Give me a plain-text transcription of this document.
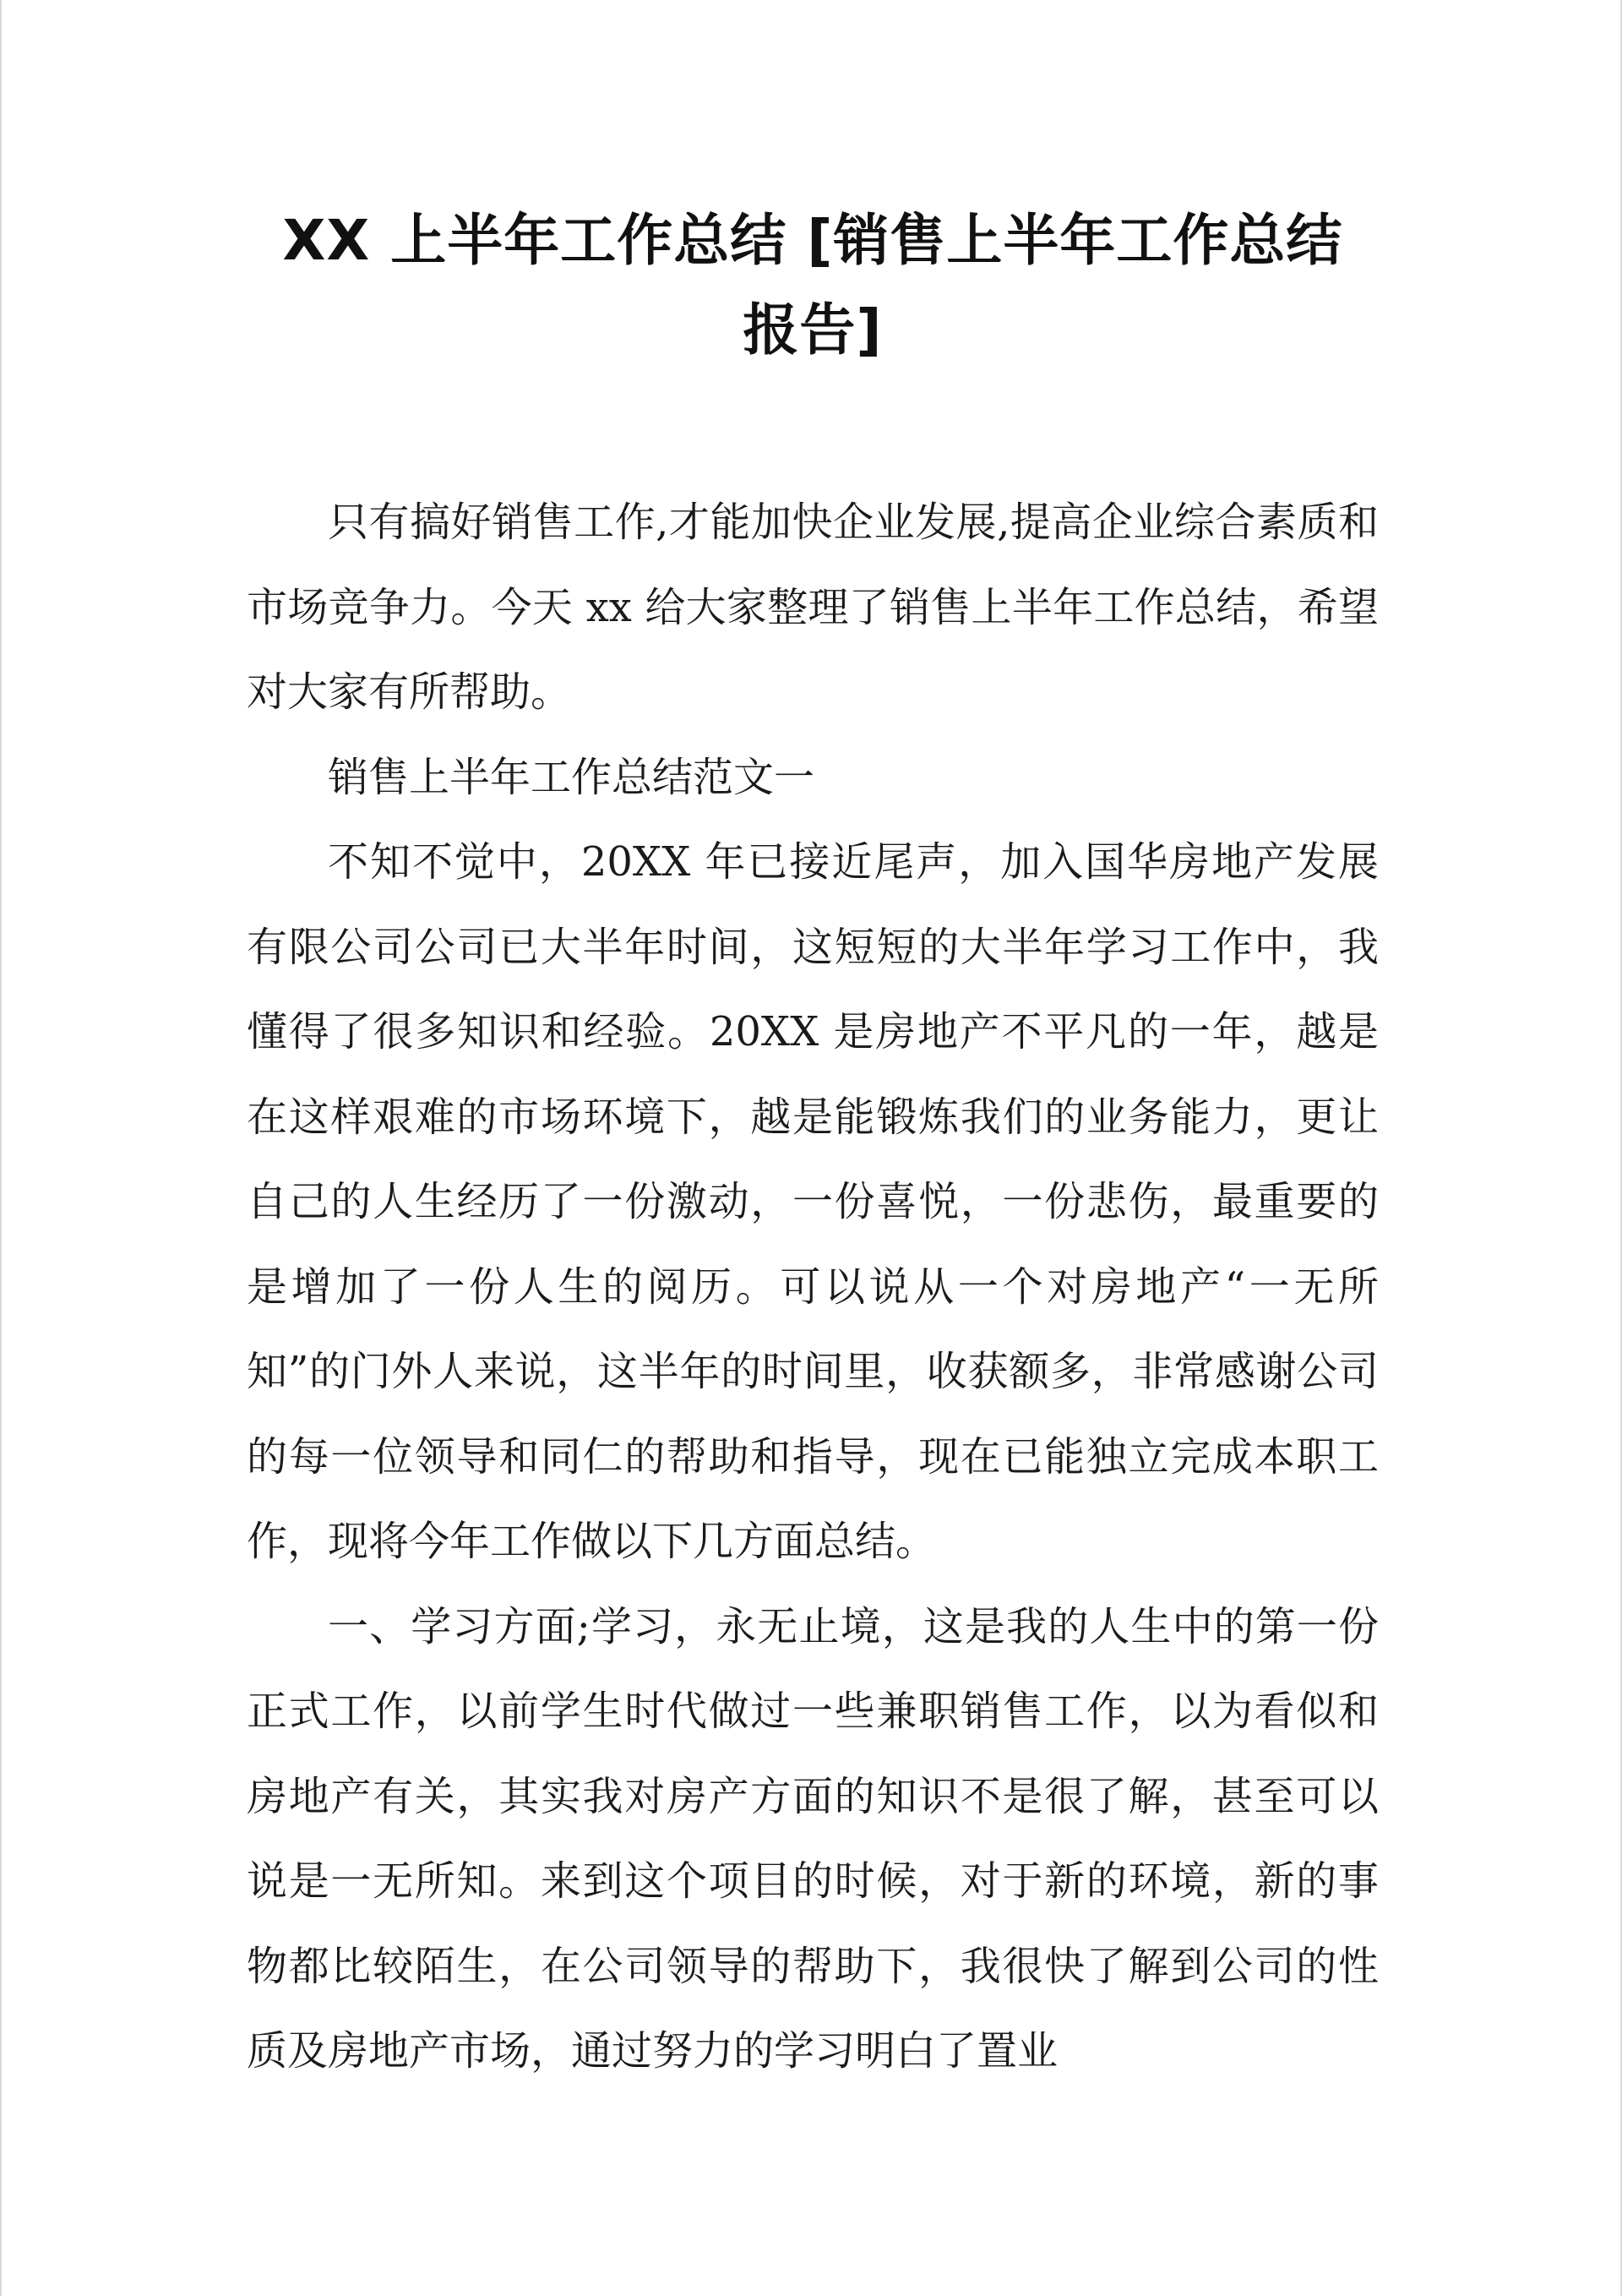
XX 上半年工作总结 [销售上半年工作总结
报告]

只有搞好销售工作,才能加快企业发展,提高企业综合素质和市场竞争力。今天 xx 给大家整理了销售上半年工作总结，希望对大家有所帮助。

销售上半年工作总结范文一

不知不觉中，20XX 年已接近尾声，加入国华房地产发展有限公司公司已大半年时间，这短短的大半年学习工作中，我懂得了很多知识和经验。20XX 是房地产不平凡的一年，越是在这样艰难的市场环境下，越是能锻炼我们的业务能力，更让自己的人生经历了一份激动，一份喜悦，一份悲伤，最重要的是增加了一份人生的阅历。可以说从一个对房地产“一无所知”的门外人来说，这半年的时间里，收获额多，非常感谢公司的每一位领导和同仁的帮助和指导，现在已能独立完成本职工作，现将今年工作做以下几方面总结。

一、学习方面;学习，永无止境，这是我的人生中的第一份正式工作，以前学生时代做过一些兼职销售工作，以为看似和房地产有关，其实我对房产方面的知识不是很了解，甚至可以说是一无所知。来到这个项目的时候，对于新的环境，新的事物都比较陌生，在公司领导的帮助下，我很快了解到公司的性质及房地产市场，通过努力的学习明白了置业
